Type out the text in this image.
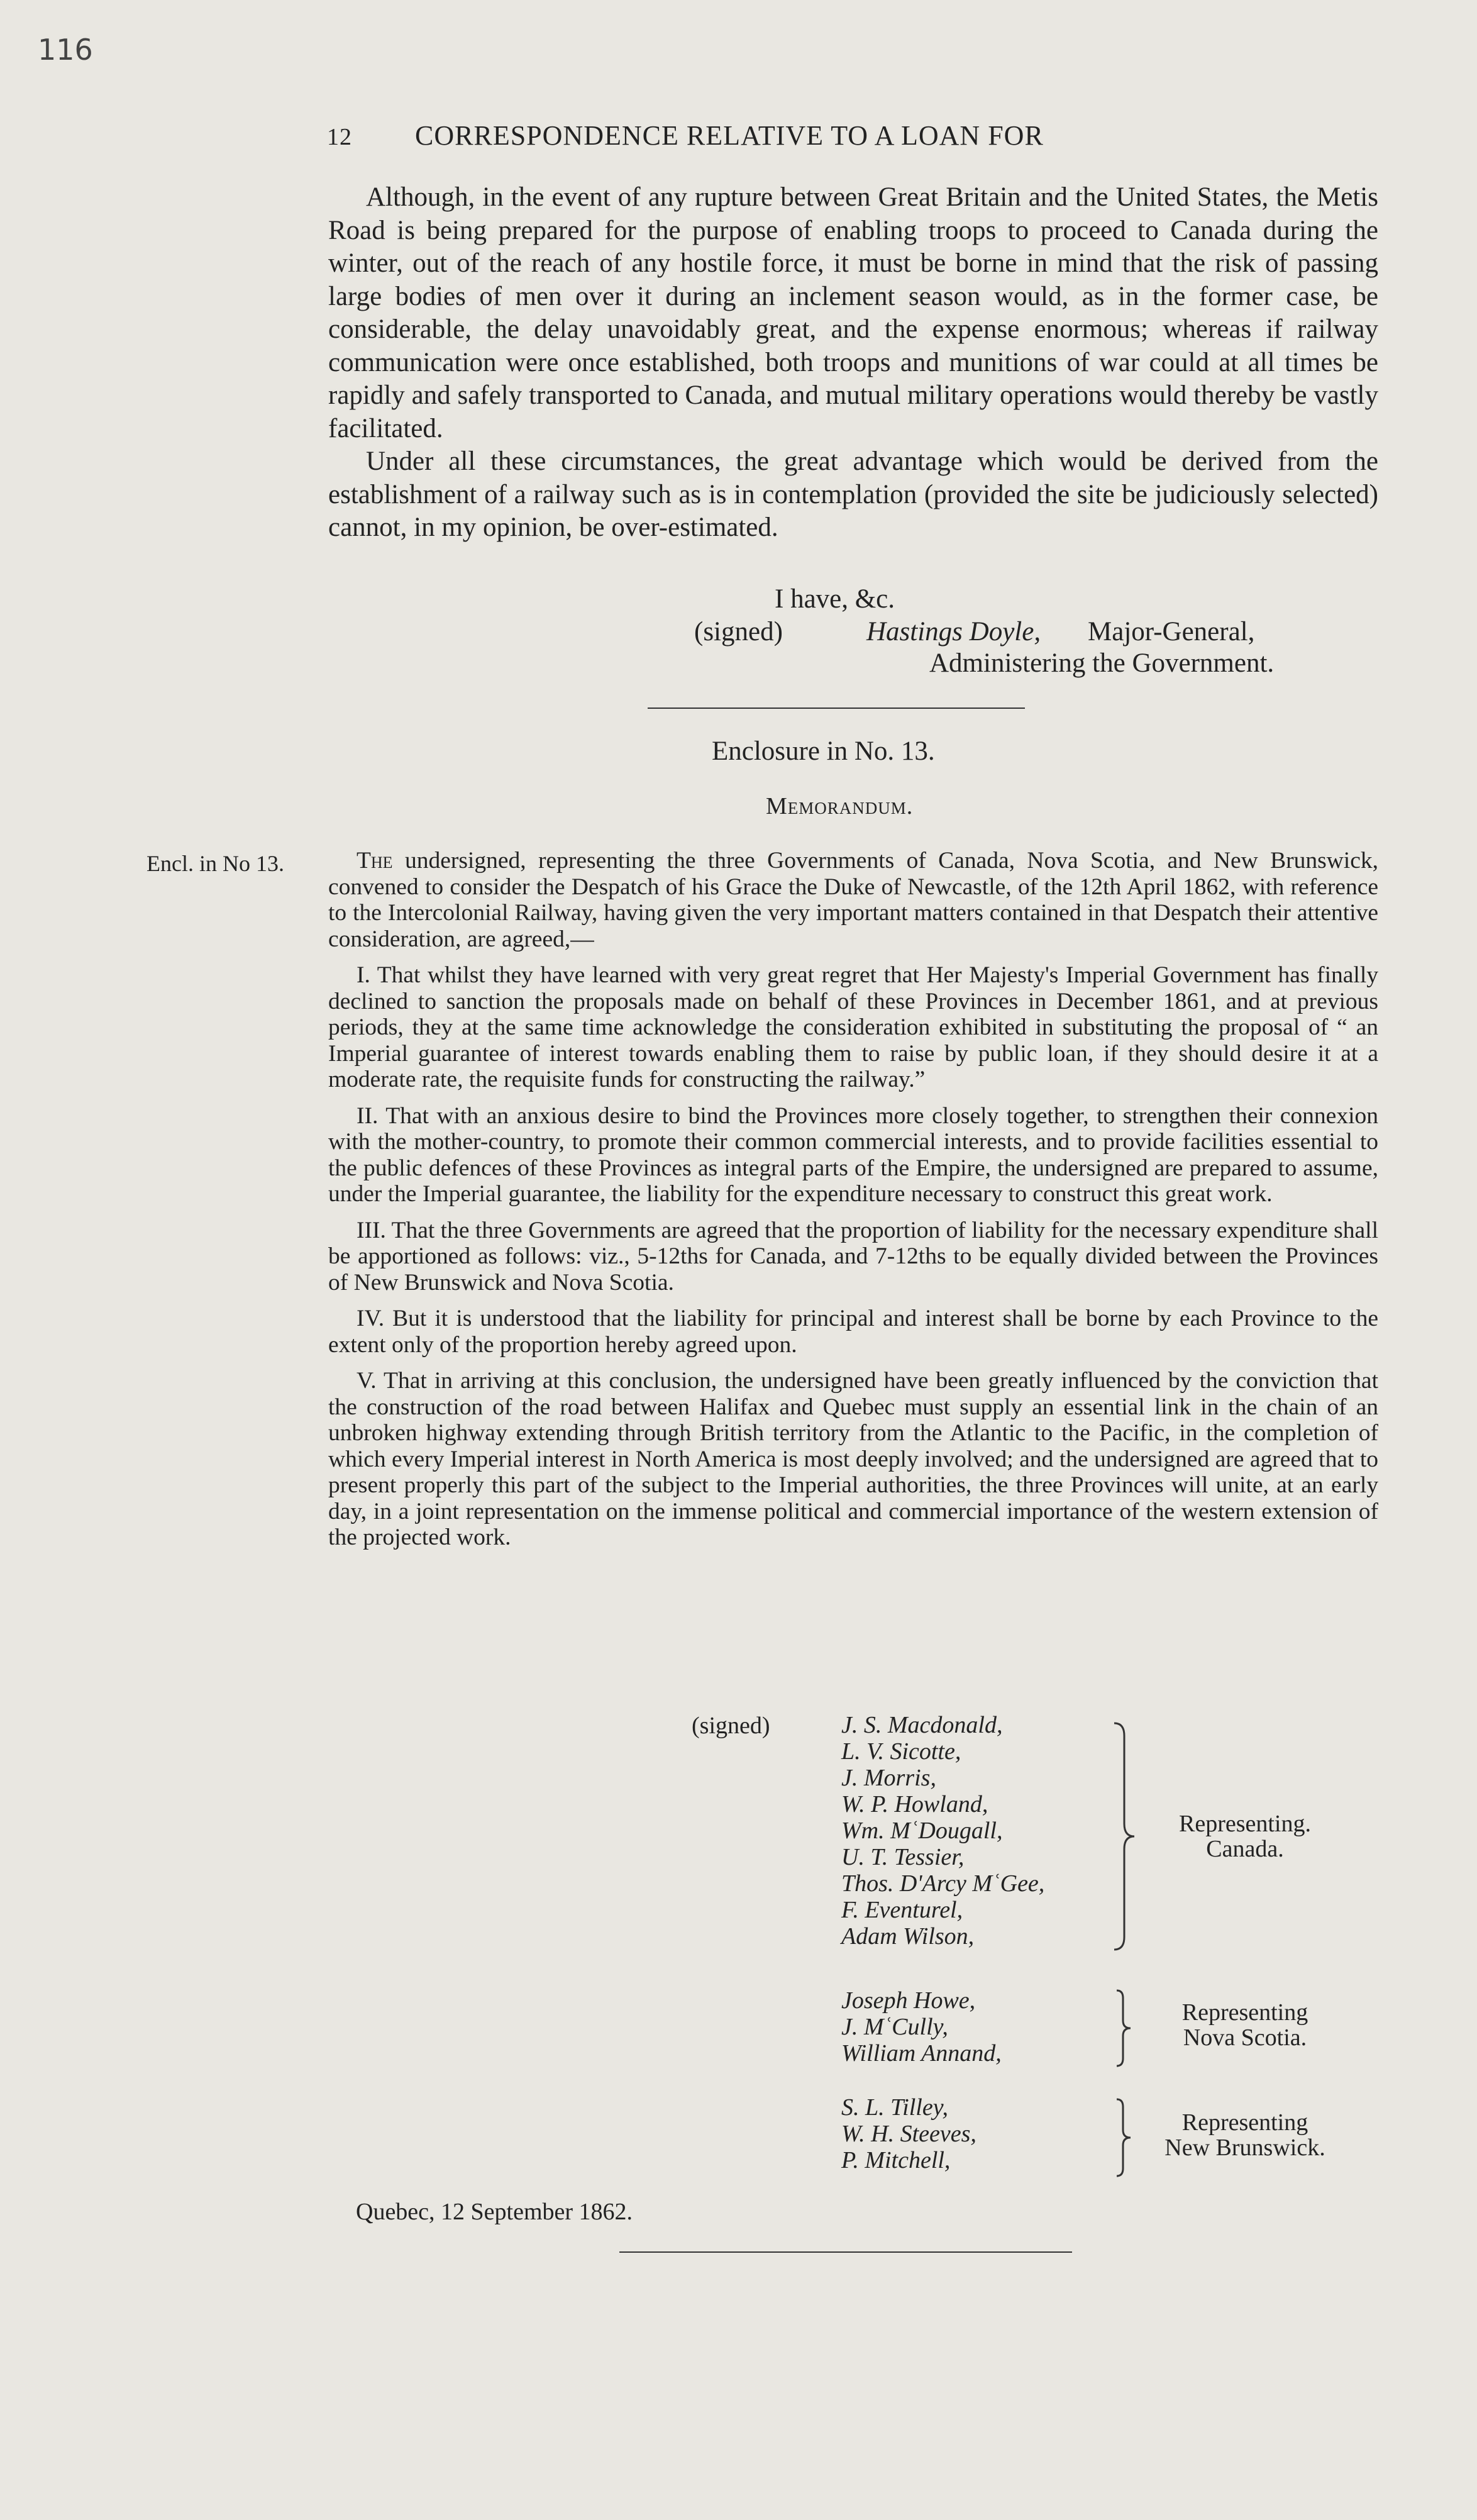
116
12 CORRESPONDENCE RELATIVE TO A LOAN FOR

Although, in the event of any rupture between Great Britain and the United States, the Metis Road is being prepared for the purpose of enabling troops to proceed to Canada during the winter, out of the reach of any hostile force, it must be borne in mind that the risk of passing large bodies of men over it during an inclement season would, as in the former case, be considerable, the delay unavoidably great, and the expense enormous; whereas if railway communication were once established, both troops and munitions of war could at all times be rapidly and safely transported to Canada, and mutual military operations would thereby be vastly facilitated.

Under all these circumstances, the great advantage which would be derived from the establishment of a railway such as is in contemplation (provided the site be judiciously selected) cannot, in my opinion, be over-estimated.

I have, &c.
(signed)	Hastings Doyle, Major-General,
Administering the Government.
Enclosure in No. 13.
Memorandum.
Encl. in No 13.	The undersigned, representing the three Governments of Canada, Nova Scotia, and New Brunswick, convened to consider the Despatch of his Grace the Duke of Newcastle, of the 12th April 1862, with reference to the Intercolonial Railway, having given the very important matters contained in that Despatch their attentive consideration, are agreed,—

I. That whilst they have learned with very great regret that Her Majesty's Imperial Government has finally declined to sanction the proposals made on behalf of these Provinces in December 1861, and at previous periods, they at the same time acknowledge the consideration exhibited in substituting the proposal of “ an Imperial guarantee of interest towards enabling them to raise by public loan, if they should desire it at a moderate rate, the requisite funds for constructing the railway.”

II. That with an anxious desire to bind the Provinces more closely together, to strengthen their connexion with the mother-country, to promote their common commercial interests, and to provide facilities essential to the public defences of these Provinces as integral parts of the Empire, the undersigned are prepared to assume, under the Imperial guarantee, the liability for the expenditure necessary to construct this great work.

III. That the three Governments are agreed that the proportion of liability for the necessary expenditure shall be apportioned as follows: viz., 5-12ths for Canada, and 7-12ths to be equally divided between the Provinces of New Brunswick and Nova Scotia.

IV. But it is understood that the liability for principal and interest shall be borne by each Province to the extent only of the proportion hereby agreed upon.

V. That in arriving at this conclusion, the undersigned have been greatly influenced by the conviction that the construction of the road between Halifax and Quebec must supply an essential link in the chain of an unbroken highway extending through British territory from the Atlantic to the Pacific, in the completion of which every Imperial interest in North America is most deeply involved; and the undersigned are agreed that to present properly this part of the subject to the Imperial authorities, the three Provinces will unite, at an early day, in a joint representation on the immense political and commercial importance of the western extension of the projected work.

(signed)	J. S. Macdonald,
L. V. Sicotte,
J. Morris,
W. P. Howland,
Wm. MʿDougall,
U. T. Tessier,
Thos. D'Arcy MʿGee,
F. Eventurel,
Adam Wilson,
Representing.
Canada.
Joseph Howe,
J. MʿCully,
William Annand,
Representing
Nova Scotia.
S. L. Tilley,
W. H. Steeves,
P. Mitchell,
Representing
New Brunswick.
Quebec, 12 September 1862.
